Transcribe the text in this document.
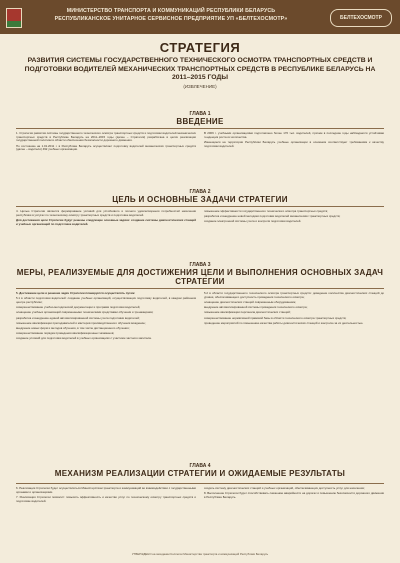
МИНИСТЕРСТВО ТРАНСПОРТА И КОММУНИКАЦИЙ РЕСПУБЛИКИ БЕЛАРУСЬ
РЕСПУБЛИКАНСКОЕ УНИТАРНОЕ СЕРВИСНОЕ ПРЕДПРИЯТИЕ УП «БЕЛТЕХОСМОТР»	БЕЛТЕХОСМОТР
СТРАТЕГИЯ
РАЗВИТИЯ СИСТЕМЫ ГОСУДАРСТВЕННОГО ТЕХНИЧЕСКОГО ОСМОТРА ТРАНСПОРТНЫХ СРЕДСТВ И ПОДГОТОВКИ ВОДИТЕЛЕЙ МЕХАНИЧЕСКИХ ТРАНСПОРТНЫХ СРЕДСТВ В РЕСПУБЛИКЕ БЕЛАРУСЬ НА 2011–2015 ГОДЫ
(ИЗВЛЕЧЕНИЕ)
ГЛАВА 1
ВВЕДЕНИЕ

1. Стратегия развития системы государственного технического осмотра транспортных средств и подготовки водителей механических транспортных средств в Республике Беларусь на 2011–2015 годы (далее – Стратегия) разработана в целях реализации государственной политики в области обеспечения безопасности дорожного движения.

По состоянию на 1.01.2011 г. в Республике Беларусь осуществляют подготовку водителей механических транспортных средств (далее – водители) 492 учебных организации.

В 2009 г. учебными организациями подготовлено более 170 тыс. водителей, причем в последние годы наблюдается устойчивая тенденция роста их количества.

Имеющиеся на территории Республики Беларусь учебные организации в основном соответствуют требованиям к качеству подготовки водителей.

ГЛАВА 2
ЦЕЛЬ И ОСНОВНЫЕ ЗАДАЧИ СТРАТЕГИИ

4. Целью Стратегии является формирование условий для устойчивого и полного удовлетворения потребностей населения республики в услугах по техническому осмотру транспортных средств и подготовке водителей.

Для достижения цели Стратегии будут решены следующие основные задачи: создание системы диагностических станций и учебных организаций по подготовке водителей.

повышение эффективности государственного технического осмотра транспортных средств;

разработка и внедрение новой методики подготовки водителей механических транспортных средств;

создание электронной системы учета и контроля подготовки водителей.

ГЛАВА 3
МЕРЫ, РЕАЛИЗУЕМЫЕ ДЛЯ ДОСТИЖЕНИЯ ЦЕЛИ И ВЫПОЛНЕНИЯ ОСНОВНЫХ ЗАДАЧ СТРАТЕГИИ

5. Достижение цели и решение задач Стратегии планируется осуществлять путем:

5.1 в области подготовки водителей: создание учебных организаций, осуществляющих подготовку водителей, в каждом районном центре республики;

совершенствование учебно-методической документации и программ подготовки водителей;

оснащение учебных организаций современными техническими средствами обучения и тренажерами;

разработка и внедрение единой автоматизированной системы учета подготовки водителей;

повышение квалификации преподавателей и мастеров производственного обучения вождению;

внедрение новых форм и методов обучения, в том числе дистанционного обучения;

совершенствование порядка проведения квалификационных экзаменов;

создание условий для подготовки водителей в учебных организациях с участием частного капитала.

5.2 в области государственного технического осмотра транспортных средств: доведение количества диагностических станций до уровня, обеспечивающего доступность проведения технического осмотра;

оснащение диагностических станций современным оборудованием;

внедрение автоматизированной системы проведения технического осмотра;

повышение квалификации персонала диагностических станций;

совершенствование нормативной правовой базы в области технического осмотра транспортных средств;

проведение мероприятий по повышению качества работы диагностических станций и контролю за их деятельностью.

ГЛАВА 4
МЕХАНИЗМ РЕАЛИЗАЦИИ СТРАТЕГИИ И ОЖИДАЕМЫЕ РЕЗУЛЬТАТЫ

6. Реализация Стратегии будет осуществляться Министерством транспорта и коммуникаций во взаимодействии с государственными органами и организациями.

7. Реализация Стратегии позволит: повысить эффективность и качество услуг по техническому осмотру транспортных средств и подготовке водителей.

создать систему диагностических станций и учебных организаций, обеспечивающих доступность услуг для населения;

8. Выполнение Стратегии будет способствовать снижению аварийности на дорогах и повышению безопасности дорожного движения в Республике Беларусь.

УТВЕРЖДЕНО на заседании Коллегии Министерства транспорта и коммуникаций Республики Беларусь
